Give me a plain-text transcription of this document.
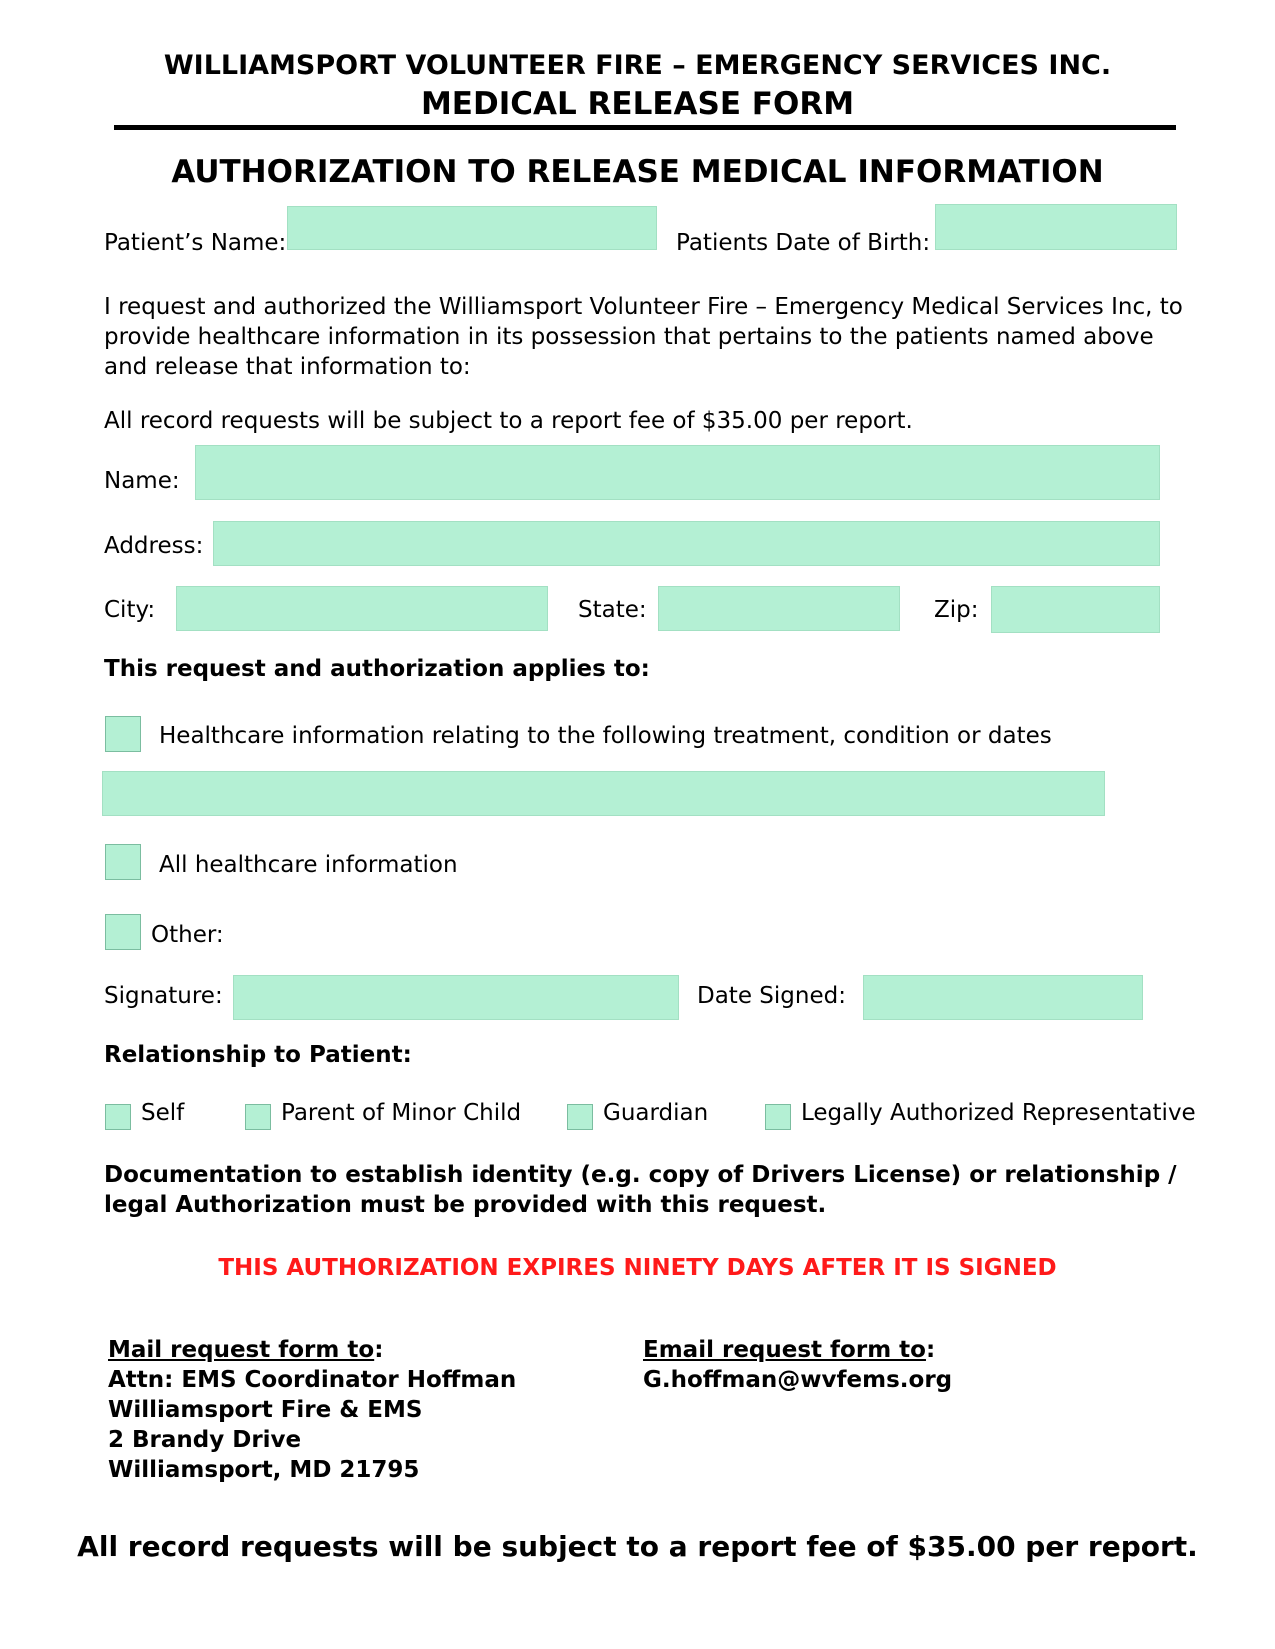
WILLIAMSPORT VOLUNTEER FIRE – EMERGENCY SERVICES INC.
MEDICAL RELEASE FORM
AUTHORIZATION TO RELEASE MEDICAL INFORMATION
Patient’s Name:	Patients Date of Birth:
I request and authorized the Williamsport Volunteer Fire – Emergency Medical Services Inc, to provide healthcare information in its possession that pertains to the patients named above and release that information to:
All record requests will be subject to a report fee of $35.00 per report.
Name:
Address:
City:	State:	Zip:
This request and authorization applies to:
Healthcare information relating to the following treatment, condition or dates
All healthcare information
Other:
Signature:	Date Signed:
Relationship to Patient:
Self	Parent of Minor Child	Guardian	Legally Authorized Representative
Documentation to establish identity (e.g. copy of Drivers License) or relationship / legal Authorization must be provided with this request.
THIS AUTHORIZATION EXPIRES NINETY DAYS AFTER IT IS SIGNED
Mail request form to:
Attn: EMS Coordinator Hoffman
Williamsport Fire & EMS
2 Brandy Drive
Williamsport, MD 21795
Email request form to:
G.hoffman@wvfems.org
All record requests will be subject to a report fee of $35.00 per report.
